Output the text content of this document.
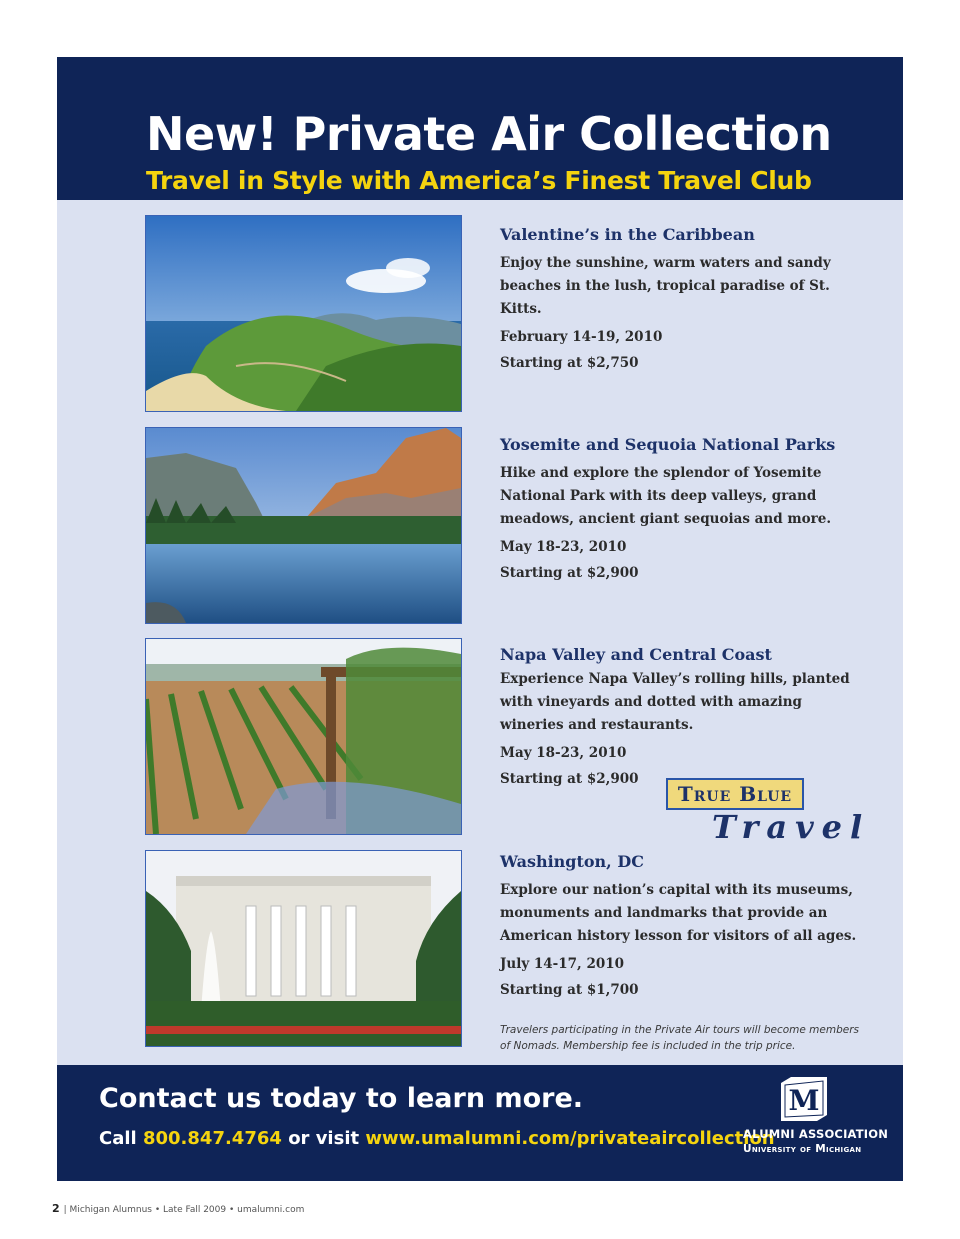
New! Private Air Collection
Travel in Style with America’s Finest Travel Club
Valentine’s in the Caribbean
Enjoy the sunshine, warm waters and sandy beaches in the lush, tropical paradise of St. Kitts.
February 14-19, 2010
Starting at $2,750
Yosemite and Sequoia National Parks
Hike and explore the splendor of Yosemite National Park with its deep valleys, grand meadows, ancient giant sequoias and more.
May 18-23, 2010
Starting at $2,900
Napa Valley and Central Coast
Experience Napa Valley’s rolling hills, planted with vineyards and dotted with amazing wineries and restaurants.
May 18-23, 2010
Starting at $2,900
Washington, DC
Explore our nation’s capital with its museums, monuments and landmarks that provide an American history lesson for visitors of all ages.
July 14-17, 2010
Starting at $1,700
True Blue
Travel
Travelers participating in the Private Air tours will become members of Nomads. Membership fee is included in the trip price.
Contact us today to learn more.
Call 800.847.4764 or visit www.umalumni.com/privateaircollection
M
ALUMNI ASSOCIATION
University of Michigan
2 | Michigan Alumnus • Late Fall 2009 • umalumni.com
